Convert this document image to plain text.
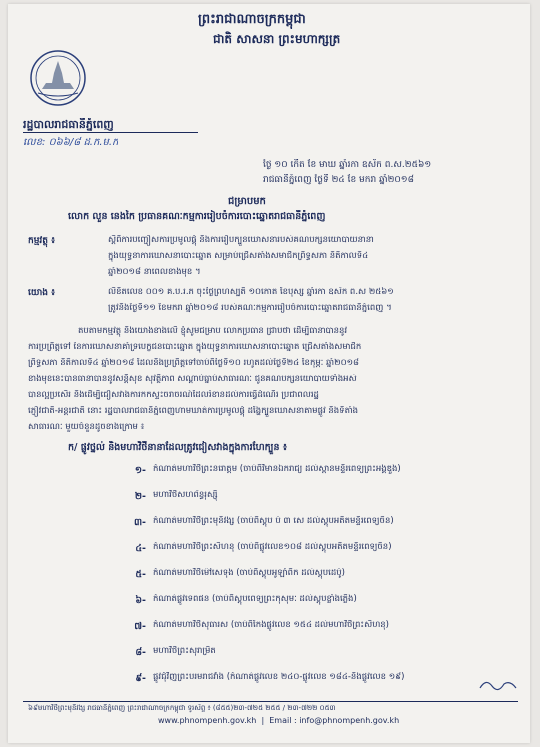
ព្រះរាជាណាចក្រកម្ពុជា
ជាតិ សាសនា ព្រះមហាក្សត្រ
រដ្ឋបាលរាជធានីភ្នំពេញ
លេខ: ០៦៦/៨ ដ.ក.ម.ក
ថ្ងៃ ១០ កើត ខែ មាឃ ឆ្នាំរកា ឧស័ក ព.ស.២៥៦១
រាជធានីភ្នំពេញ ថ្ងៃទី ២៤ ខែ មករា ឆ្នាំ២០១៨
ជម្រាបមក
លោក លួន នេងកៃ ប្រធានគណៈកម្មការរៀបចំការបោះឆ្នោតរាជធានីភ្នំពេញ
កម្មវត្ថុ ៖	ស្ដីពីការបញ្ជៀសការប្រមូលផ្ដុំ និងការរៀបក្បួនឃោសនារបស់គណបក្សនយោបាយនានា
ក្នុងយុទ្ធនាការឃោសនាបោះឆ្នោត សម្រាប់ជ្រើសតាំងសមាជិកព្រឹទ្ធសភា នីតិកាលទី៤
ឆ្នាំ២០១៨ នាពេលខាងមុខ ។
យោង ៖	លិខិតលេខ ០០១ គ.ប.រ.ភ ចុះថ្ងៃព្រហស្បតិ៍ ១០កោត ខែបុស្ស ឆ្នាំរកា ឧស័ក ព.ស ២៥៦១
ត្រូវនឹងថ្ងៃទី១១ ខែមករា ឆ្នាំ២០១៨ របស់គណៈកម្មការរៀបចំការបោះឆ្នោតរាជធានីភ្នំពេញ ។
តបតាមកម្មវត្ថុ និងយោងខាងលើ ខ្ញុំសូមជម្រាប លោកប្រធាន ជ្រាបថា ដើម្បីធានាបាននូវ
ការប្រព្រឹត្តទៅ នៃការឃោសនាគាំទ្របេក្ខជនបោះឆ្នោត ក្នុងយុទ្ធនាការឃោសនាបោះឆ្នោត ជ្រើសតាំងសមាជិក
ព្រឹទ្ធសភា នីតិកាលទី៤ ឆ្នាំ២០១៨ ដែលនឹងប្រព្រឹត្តទៅចាប់ពីថ្ងៃទី១០ រហូតដល់ថ្ងៃទី២៤ ខែកុម្ភៈ ឆ្នាំ២០១៨
ខាងមុខនេះបានធានាបាននូវសន្តិសុខ សុវត្ថិភាព សណ្ដាប់ធ្នាប់សាធារណៈ ជូនគណបក្សនយោបាយទាំងអស់
បានល្អប្រសើរ និងដើម្បីជៀសវាងការកកស្ទះចរាចរណ៍ដែលរំខានដល់ការធ្វើដំណើរ ប្រជាពលរដ្ឋ
ភ្ញៀវជាតិ-អន្តរជាតិ នោះ រដ្ឋបាលរាជធានីភ្នំពេញហាមឃាត់ការប្រមូលផ្ដុំ ដង្ហែក្បួនឃោសនាតាមផ្លូវ និងទីតាំង
សាធារណៈ មួយចំនួនដូចខាងក្រោម ៖
ក/ ផ្លូវថ្នល់ និងមហាវិថីនានាដែលត្រូវជៀសវាងក្នុងការហែក្បួន ៖
១- កំណាត់មហាវិថីព្រះនរោត្តម (ចាប់ពីវិមានឯករាជ្យ ដល់ស្ពានមន្ទីរពេទ្យព្រះអង្គឌួង)
២- មហាវិថីសហព័ន្ធរុស្ស៊ី
៣- កំណាត់មហាវិថីព្រះមុនីវង្ស (ចាប់ពីស្តុប ប៉ ៣ សេ ដល់ស្តុបអតីតមន្ទីរពេទ្យចិន)
៤- កំណាត់មហាវិថីព្រះសីហនុ (ចាប់ពីផ្លូវលេខ១០៨ ដល់ស្តុបអតីតមន្ទីរពេទ្យចិន)
៥- កំណាត់មហាវិថីម៉ៅសេទុង (ចាប់ពីស្តុបអូឡាំពិក ដល់ស្តុបដេប៉ូ)
៦- កំណាត់ផ្លូវទេពផន (ចាប់ពីស្តុបពេទ្យព្រះកុសុមៈ ដល់ស្តុបខ្លាំងភ្លើង)
៧- កំណាត់មហាវិថីសុធារស (ចាប់ពីកែងផ្លូវលេខ ១៥៤ ដល់មហាវិថីព្រះសីហនុ)
៨- មហាវិថីព្រះសុរាម្រិត
៩- ផ្លូវជុំវិញព្រះបរមរាជវាំង (កំណាត់ផ្លូវលេខ ២៤០-ផ្លូវលេខ ១៨៤-និងផ្លូវលេខ ១៩)
៦៩មហាវិថីព្រះមុនីវង្ស រាជធានីភ្នំពេញ ព្រះរាជាណាចក្រកម្ពុជា ទូរស័ព្ទ ៖ (៨៥៥)២៣-៧២៥ ២៥៥ / ២៣-៧២២ ០៥៣
www.phnompenh.gov.kh  |  Email : info@phnompenh.gov.kh
